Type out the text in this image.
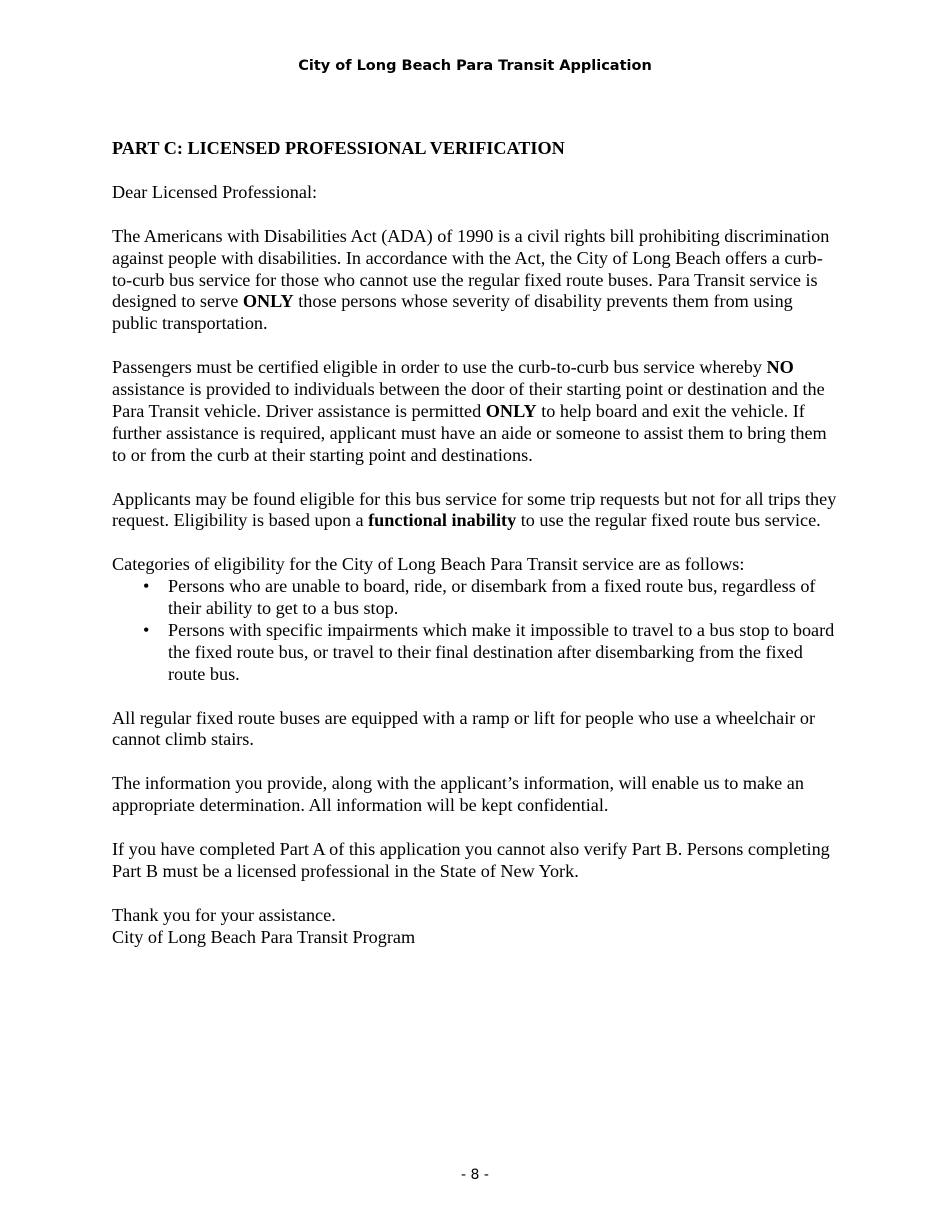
City of Long Beach Para Transit Application
PART C: LICENSED PROFESSIONAL VERIFICATION
Dear Licensed Professional:
The Americans with Disabilities Act (ADA) of 1990 is a civil rights bill prohibiting discrimination against people with disabilities. In accordance with the Act, the City of Long Beach offers a curb-to-curb bus service for those who cannot use the regular fixed route buses. Para Transit service is designed to serve ONLY those persons whose severity of disability prevents them from using public transportation.
Passengers must be certified eligible in order to use the curb-to-curb bus service whereby NO assistance is provided to individuals between the door of their starting point or destination and the Para Transit vehicle. Driver assistance is permitted ONLY to help board and exit the vehicle. If further assistance is required, applicant must have an aide or someone to assist them to bring them to or from the curb at their starting point and destinations.
Applicants may be found eligible for this bus service for some trip requests but not for all trips they request. Eligibility is based upon a functional inability to use the regular fixed route bus service.
Categories of eligibility for the City of Long Beach Para Transit service are as follows:
• Persons who are unable to board, ride, or disembark from a fixed route bus, regardless of their ability to get to a bus stop.
• Persons with specific impairments which make it impossible to travel to a bus stop to board the fixed route bus, or travel to their final destination after disembarking from the fixed route bus.
All regular fixed route buses are equipped with a ramp or lift for people who use a wheelchair or cannot climb stairs.
The information you provide, along with the applicant’s information, will enable us to make an appropriate determination. All information will be kept confidential.
If you have completed Part A of this application you cannot also verify Part B. Persons completing Part B must be a licensed professional in the State of New York.
Thank you for your assistance.
City of Long Beach Para Transit Program
- 8 -
